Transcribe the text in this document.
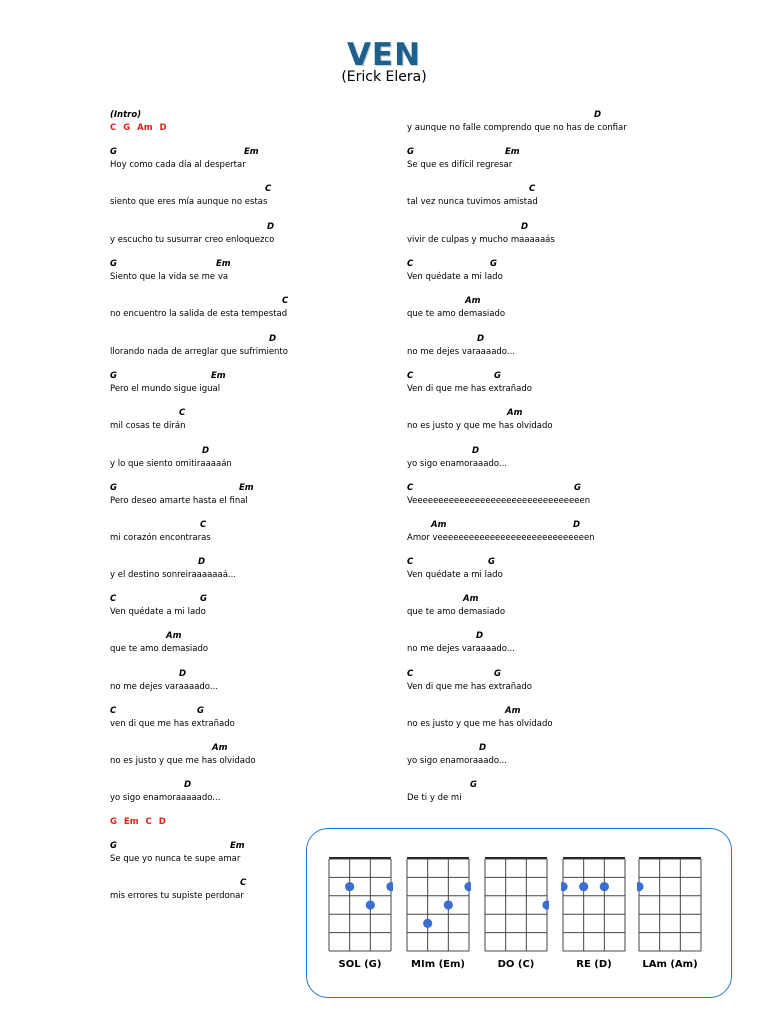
VEN
(Erick Elera)
(Intro)
C G Am D
G Em C D
G	Em
Hoy como cada día al despertar
C
siento que eres mía aunque no estas
D
y escucho tu susurrar creo enloquezco
G	Em
Siento que la vida se me va
C
no encuentro la salida de esta tempestad
D
llorando nada de arreglar que sufrimiento
G	Em
Pero el mundo sigue igual
C
mil cosas te dirán
D
y lo que siento omitiraaaaán
G	Em
Pero deseo amarte hasta el final
C
mi corazón encontraras
D
y el destino sonreiraaaaaaá...
C	G
Ven quédate a mi lado
Am
que te amo demasiado
D
no me dejes varaaaado...
C	G
ven di que me has extrañado
Am
no es justo y que me has olvidado
D
yo sigo enamoraaaaado...
G	Em
Se que yo nunca te supe amar
C
mis errores tu supiste perdonar
D
y aunque no falle comprendo que no has de confiar
G	Em
Se que es difícil regresar
C
tal vez nunca tuvimos amistad
D
vivir de culpas y mucho maaaaaás
C	G
Ven quédate a mi lado
Am
que te amo demasiado
D
no me dejes varaaaado...
C	G
Ven di que me has extrañado
Am
no es justo y que me has olvidado
D
yo sigo enamoraaado...
C	G
Veeeeeeeeeeeeeeeeeeeeeeeeeeeeeeeeen
Am	D
Amor veeeeeeeeeeeeeeeeeeeeeeeeeeeeen
C	G
Ven quédate a mi lado
Am
que te amo demasiado
D
no me dejes varaaaado...
C	G
Ven di que me has extrañado
Am
no es justo y que me has olvidado
D
yo sigo enamoraaado...
G
De ti y de mi
SOL (G)	MIm (Em)	DO (C)	RE (D)	LAm (Am)
